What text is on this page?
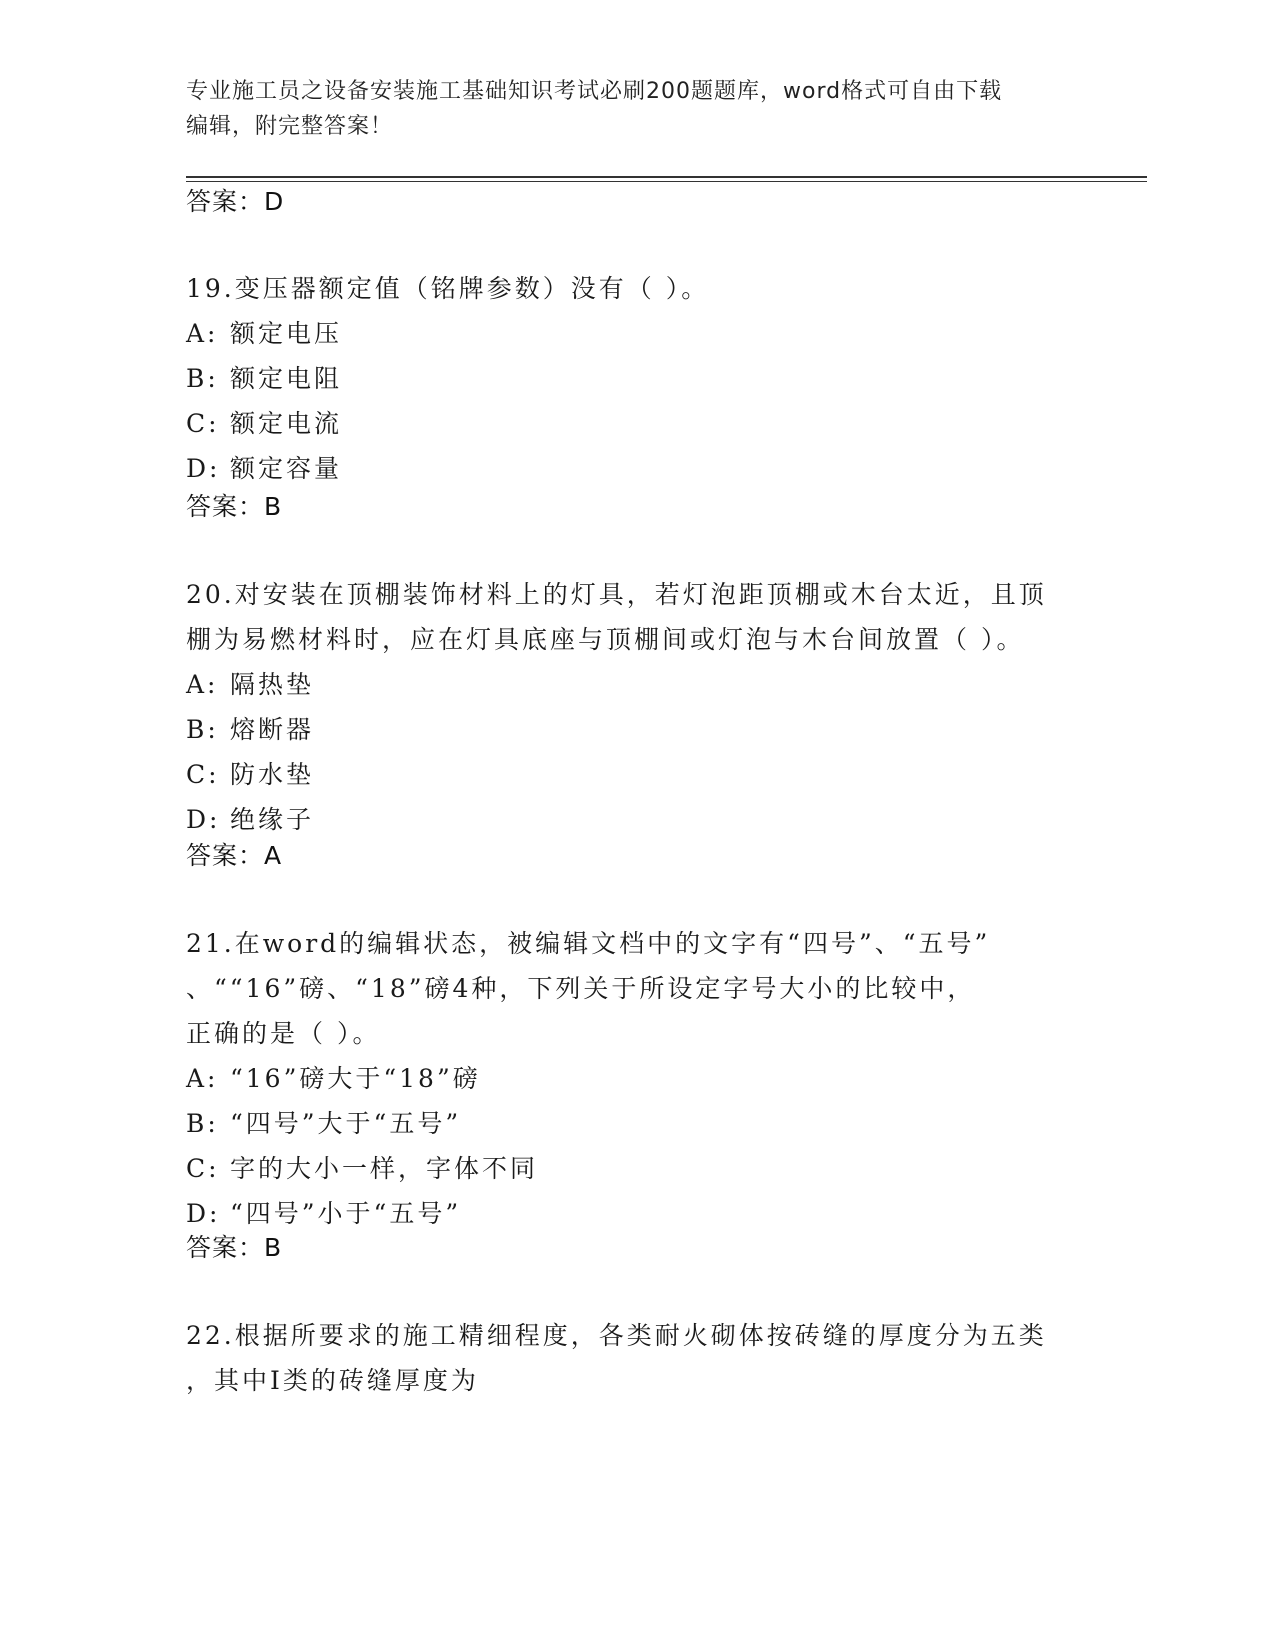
专业施工员之设备安装施工基础知识考试必刷200题题库，word格式可自由下载
编辑，附完整答案！
答案：D
19.变压器额定值（铭牌参数）没有（ ）。
A: 额定电压
B: 额定电阻
C: 额定电流
D: 额定容量
答案：B
20.对安装在顶棚装饰材料上的灯具，若灯泡距顶棚或木台太近，且顶
棚为易燃材料时，应在灯具底座与顶棚间或灯泡与木台间放置（ ）。
A: 隔热垫
B: 熔断器
C: 防水垫
D: 绝缘子
答案：A
21.在word的编辑状态，被编辑文档中的文字有“四号”、“五号”
、““16”磅、“18”磅4种，下列关于所设定字号大小的比较中，
正确的是（ ）。
A: “16”磅大于“18”磅
B: “四号”大于“五号”
C: 字的大小一样，字体不同
D: “四号”小于“五号”
答案：B
22.根据所要求的施工精细程度，各类耐火砌体按砖缝的厚度分为五类
，其中Ⅰ类的砖缝厚度为
